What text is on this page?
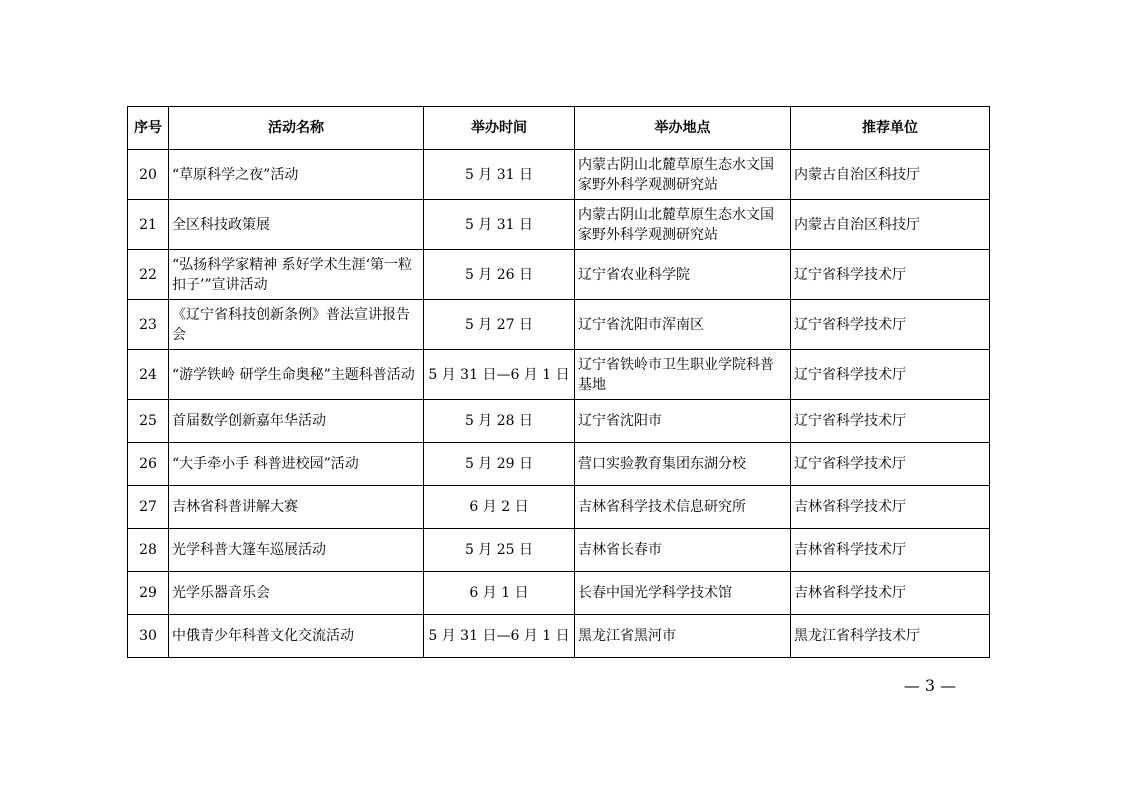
序号	活动名称	举办时间	举办地点	推荐单位
20	“草原科学之夜”活动	5 月 31 日	内蒙古阴山北麓草原生态水文国家野外科学观测研究站	内蒙古自治区科技厅
21	全区科技政策展	5 月 31 日	内蒙古阴山北麓草原生态水文国家野外科学观测研究站	内蒙古自治区科技厅
22	“弘扬科学家精神 系好学术生涯‘第一粒扣子’”宣讲活动	5 月 26 日	辽宁省农业科学院	辽宁省科学技术厅
23	《辽宁省科技创新条例》普法宣讲报告会	5 月 27 日	辽宁省沈阳市浑南区	辽宁省科学技术厅
24	“游学铁岭 研学生命奥秘”主题科普活动	5 月 31 日—6 月 1 日	辽宁省铁岭市卫生职业学院科普基地	辽宁省科学技术厅
25	首届数学创新嘉年华活动	5 月 28 日	辽宁省沈阳市	辽宁省科学技术厅
26	“大手牵小手 科普进校园”活动	5 月 29 日	营口实验教育集团东湖分校	辽宁省科学技术厅
27	吉林省科普讲解大赛	6 月 2 日	吉林省科学技术信息研究所	吉林省科学技术厅
28	光学科普大篷车巡展活动	5 月 25 日	吉林省长春市	吉林省科学技术厅
29	光学乐器音乐会	6 月 1 日	长春中国光学科学技术馆	吉林省科学技术厅
30	中俄青少年科普文化交流活动	5 月 31 日—6 月 1 日	黑龙江省黑河市	黑龙江省科学技术厅
— 3 —
